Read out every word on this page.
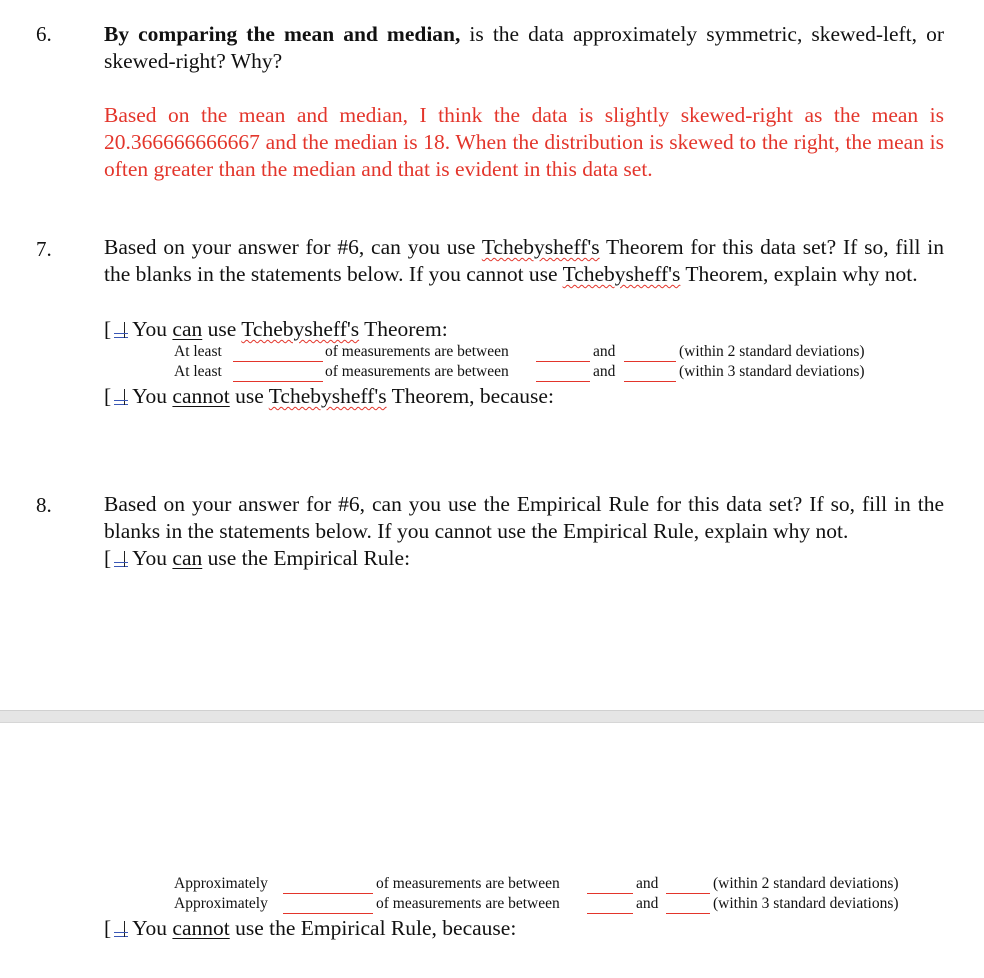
6. By comparing the mean and median, is the data approximately symmetric, skewed-left, or skewed-right? Why?
Based on the mean and median, I think the data is slightly skewed-right as the mean is 20.366666666667 and the median is 18. When the distribution is skewed to the right, the mean is often greater than the median and that is evident in this data set.
7. Based on your answer for #6, can you use Tchebysheff's Theorem for this data set? If so, fill in the blanks in the statements below. If you cannot use Tchebysheff's Theorem, explain why not.
[ You can use Tchebysheff's Theorem:
At least	of measurements are between	and	(within 2 standard deviations)
At least	of measurements are between	and	(within 3 standard deviations)
[ You cannot use Tchebysheff's Theorem, because:
8. Based on your answer for #6, can you use the Empirical Rule for this data set? If so, fill in the blanks in the statements below. If you cannot use the Empirical Rule, explain why not.
[ You can use the Empirical Rule:
Approximately	of measurements are between	and	(within 2 standard deviations)
Approximately	of measurements are between	and	(within 3 standard deviations)
[ You cannot use the Empirical Rule, because:
